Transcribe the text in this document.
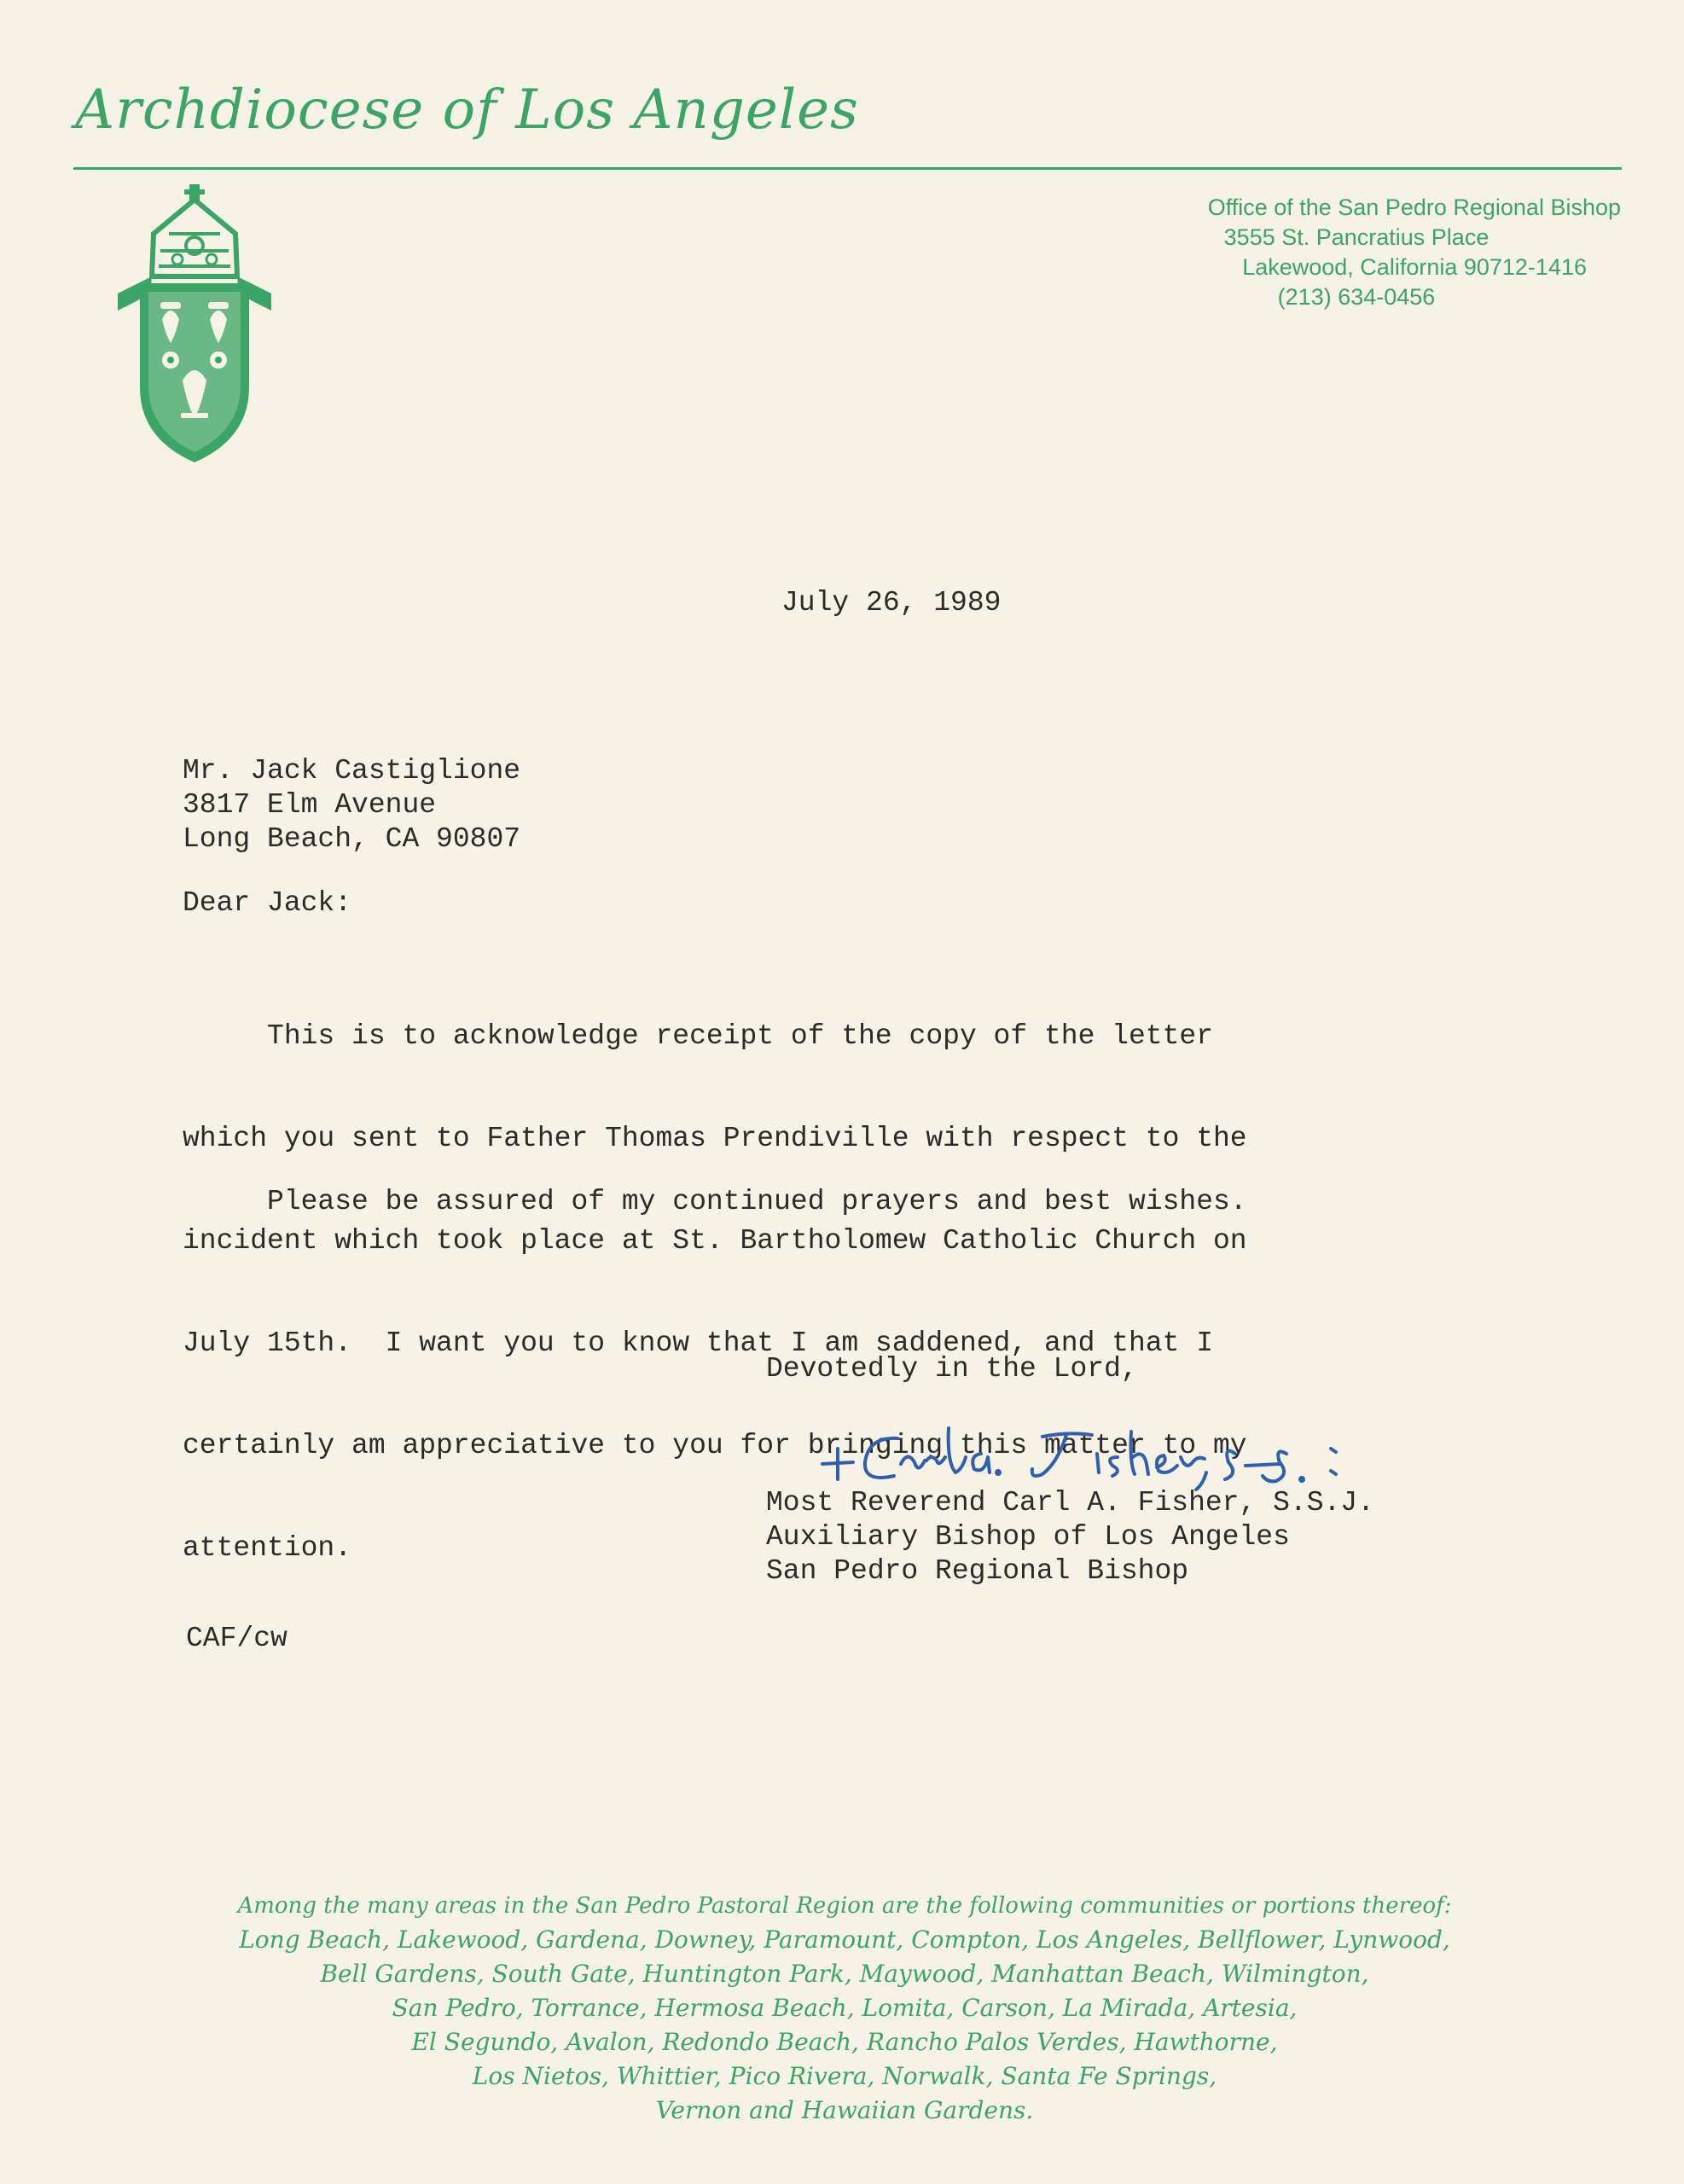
Archdiocese of Los Angeles
Office of the San Pedro Regional Bishop
3555 St. Pancratius Place
Lakewood, California 90712-1416
(213) 634-0456
July 26, 1989
Mr. Jack Castiglione
3817 Elm Avenue
Long Beach, CA 90807
Dear Jack:

This is to acknowledge receipt of the copy of the letter

which you sent to Father Thomas Prendiville with respect to the

incident which took place at St. Bartholomew Catholic Church on

July 15th.  I want you to know that I am saddened, and that I

certainly am appreciative to you for bringing this matter to my

attention.

Please be assured of my continued prayers and best wishes.
Devotedly in the Lord,
Most Reverend Carl A. Fisher, S.S.J.
Auxiliary Bishop of Los Angeles
San Pedro Regional Bishop
CAF/cw
Among the many areas in the San Pedro Pastoral Region are the following communities or portions thereof:
Long Beach, Lakewood, Gardena, Downey, Paramount, Compton, Los Angeles, Bellflower, Lynwood,
Bell Gardens, South Gate, Huntington Park, Maywood, Manhattan Beach, Wilmington,
San Pedro, Torrance, Hermosa Beach, Lomita, Carson, La Mirada, Artesia,
El Segundo, Avalon, Redondo Beach, Rancho Palos Verdes, Hawthorne,
Los Nietos, Whittier, Pico Rivera, Norwalk, Santa Fe Springs,
Vernon and Hawaiian Gardens.
